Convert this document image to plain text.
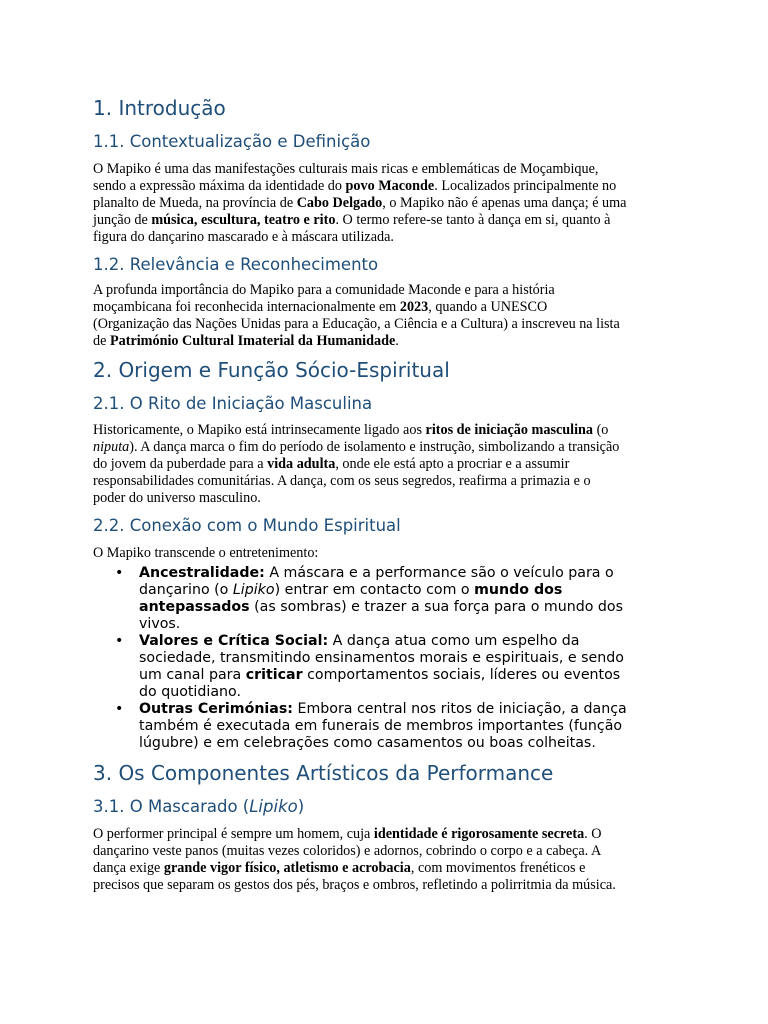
1. Introdução
1.1. Contextualização e Definição
O Mapiko é uma das manifestações culturais mais ricas e emblemáticas de Moçambique,
sendo a expressão máxima da identidade do povo Maconde. Localizados principalmente no
planalto de Mueda, na província de Cabo Delgado, o Mapiko não é apenas uma dança; é uma
junção de música, escultura, teatro e rito. O termo refere-se tanto à dança em si, quanto à
figura do dançarino mascarado e à máscara utilizada.
1.2. Relevância e Reconhecimento
A profunda importância do Mapiko para a comunidade Maconde e para a história
moçambicana foi reconhecida internacionalmente em 2023, quando a UNESCO
(Organização das Nações Unidas para a Educação, a Ciência e a Cultura) a inscreveu na lista
de Património Cultural Imaterial da Humanidade.
2. Origem e Função Sócio-Espiritual
2.1. O Rito de Iniciação Masculina
Historicamente, o Mapiko está intrinsecamente ligado aos ritos de iniciação masculina (o
niputa). A dança marca o fim do período de isolamento e instrução, simbolizando a transição
do jovem da puberdade para a vida adulta, onde ele está apto a procriar e a assumir
responsabilidades comunitárias. A dança, com os seus segredos, reafirma a primazia e o
poder do universo masculino.
2.2. Conexão com o Mundo Espiritual
O Mapiko transcende o entretenimento:
• Ancestralidade: A máscara e a performance são o veículo para o
dançarino (o Lipiko) entrar em contacto com o mundo dos
antepassados (as sombras) e trazer a sua força para o mundo dos
vivos.
• Valores e Crítica Social: A dança atua como um espelho da
sociedade, transmitindo ensinamentos morais e espirituais, e sendo
um canal para criticar comportamentos sociais, líderes ou eventos
do quotidiano.
• Outras Cerimónias: Embora central nos ritos de iniciação, a dança
também é executada em funerais de membros importantes (função
lúgubre) e em celebrações como casamentos ou boas colheitas.
3. Os Componentes Artísticos da Performance
3.1. O Mascarado (Lipiko)
O performer principal é sempre um homem, cuja identidade é rigorosamente secreta. O
dançarino veste panos (muitas vezes coloridos) e adornos, cobrindo o corpo e a cabeça. A
dança exige grande vigor físico, atletismo e acrobacia, com movimentos frenéticos e
precisos que separam os gestos dos pés, braços e ombros, refletindo a polirritmia da música.
